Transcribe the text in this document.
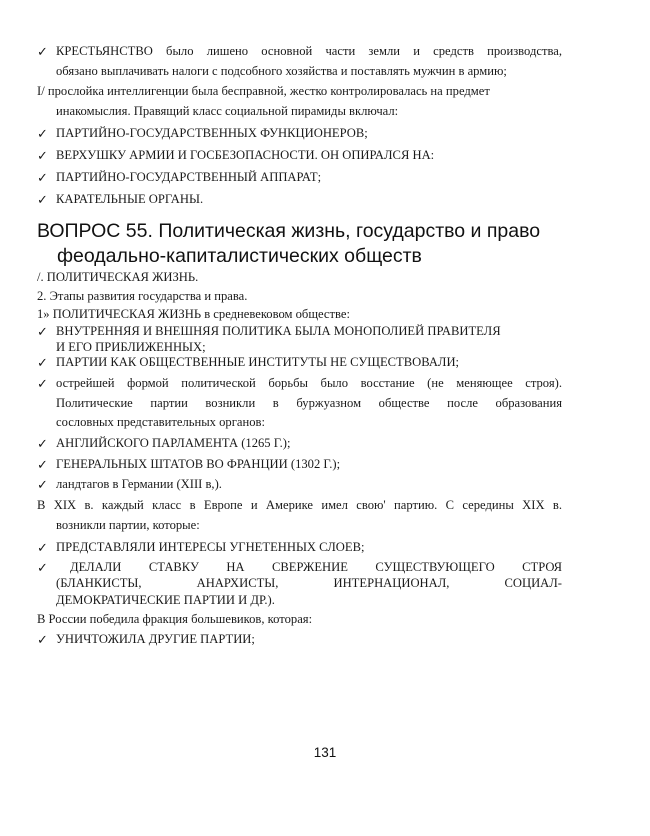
✓ КРЕСТЬЯНСТВО было лишено основной части земли и средств производства,
обязано выплачивать налоги с подсобного хозяйства и поставлять мужчин в армию;
I/ прослойка интеллигенции была бесправной, жестко контролировалась на предмет
инакомыслия. Правящий класс социальной пирамиды включал:
✓ ПАРТИЙНО-ГОСУДАРСТВЕННЫХ ФУНКЦИОНЕРОВ;
✓ ВЕРХУШКУ АРМИИ И ГОСБЕЗОПАСНОСТИ. ОН ОПИРАЛСЯ НА:
✓ ПАРТИЙНО-ГОСУДАРСТВЕННЫЙ АППАРАТ;
✓ КАРАТЕЛЬНЫЕ ОРГАНЫ.
ВОПРОС 55. Политическая жизнь, государство и право
феодально-капиталистических обществ
/. ПОЛИТИЧЕСКАЯ ЖИЗНЬ.
2. Этапы развития государства и права.
1» ПОЛИТИЧЕСКАЯ ЖИЗНЬ в средневековом обществе:
✓ ВНУТРЕННЯЯ И ВНЕШНЯЯ ПОЛИТИКА БЫЛА МОНОПОЛИЕЙ ПРАВИТЕЛЯ
И ЕГО ПРИБЛИЖЕННЫХ;
✓ ПАРТИИ КАК ОБЩЕСТВЕННЫЕ ИНСТИТУТЫ НЕ СУЩЕСТВОВАЛИ;
✓ острейшей формой политической борьбы было восстание (не меняющее строя).
Политические партии возникли в буржуазном обществе после образования
сословных представительных органов:
✓ АНГЛИЙСКОГО ПАРЛАМЕНТА (1265 Г.);
✓ ГЕНЕРАЛЬНЫХ ШТАТОВ ВО ФРАНЦИИ (1302 Г.);
✓ ландтагов в Германии (XIII в,).
В XIX в. каждый класс в Европе и Америке имел свою' партию. С середины XIX в.
возникли партии, которые:
✓ ПРЕДСТАВЛЯЛИ ИНТЕРЕСЫ УГНЕТЕННЫХ СЛОЕВ;
✓ ДЕЛАЛИ СТАВКУ НА СВЕРЖЕНИЕ СУЩЕСТВУЮЩЕГО СТРОЯ
(БЛАНКИСТЫ, АНАРХИСТЫ, ИНТЕРНАЦИОНАЛ, СОЦИАЛ-
ДЕМОКРАТИЧЕСКИЕ ПАРТИИ И ДР.).
В России победила фракция большевиков, которая:
✓ УНИЧТОЖИЛА ДРУГИЕ ПАРТИИ;
131
